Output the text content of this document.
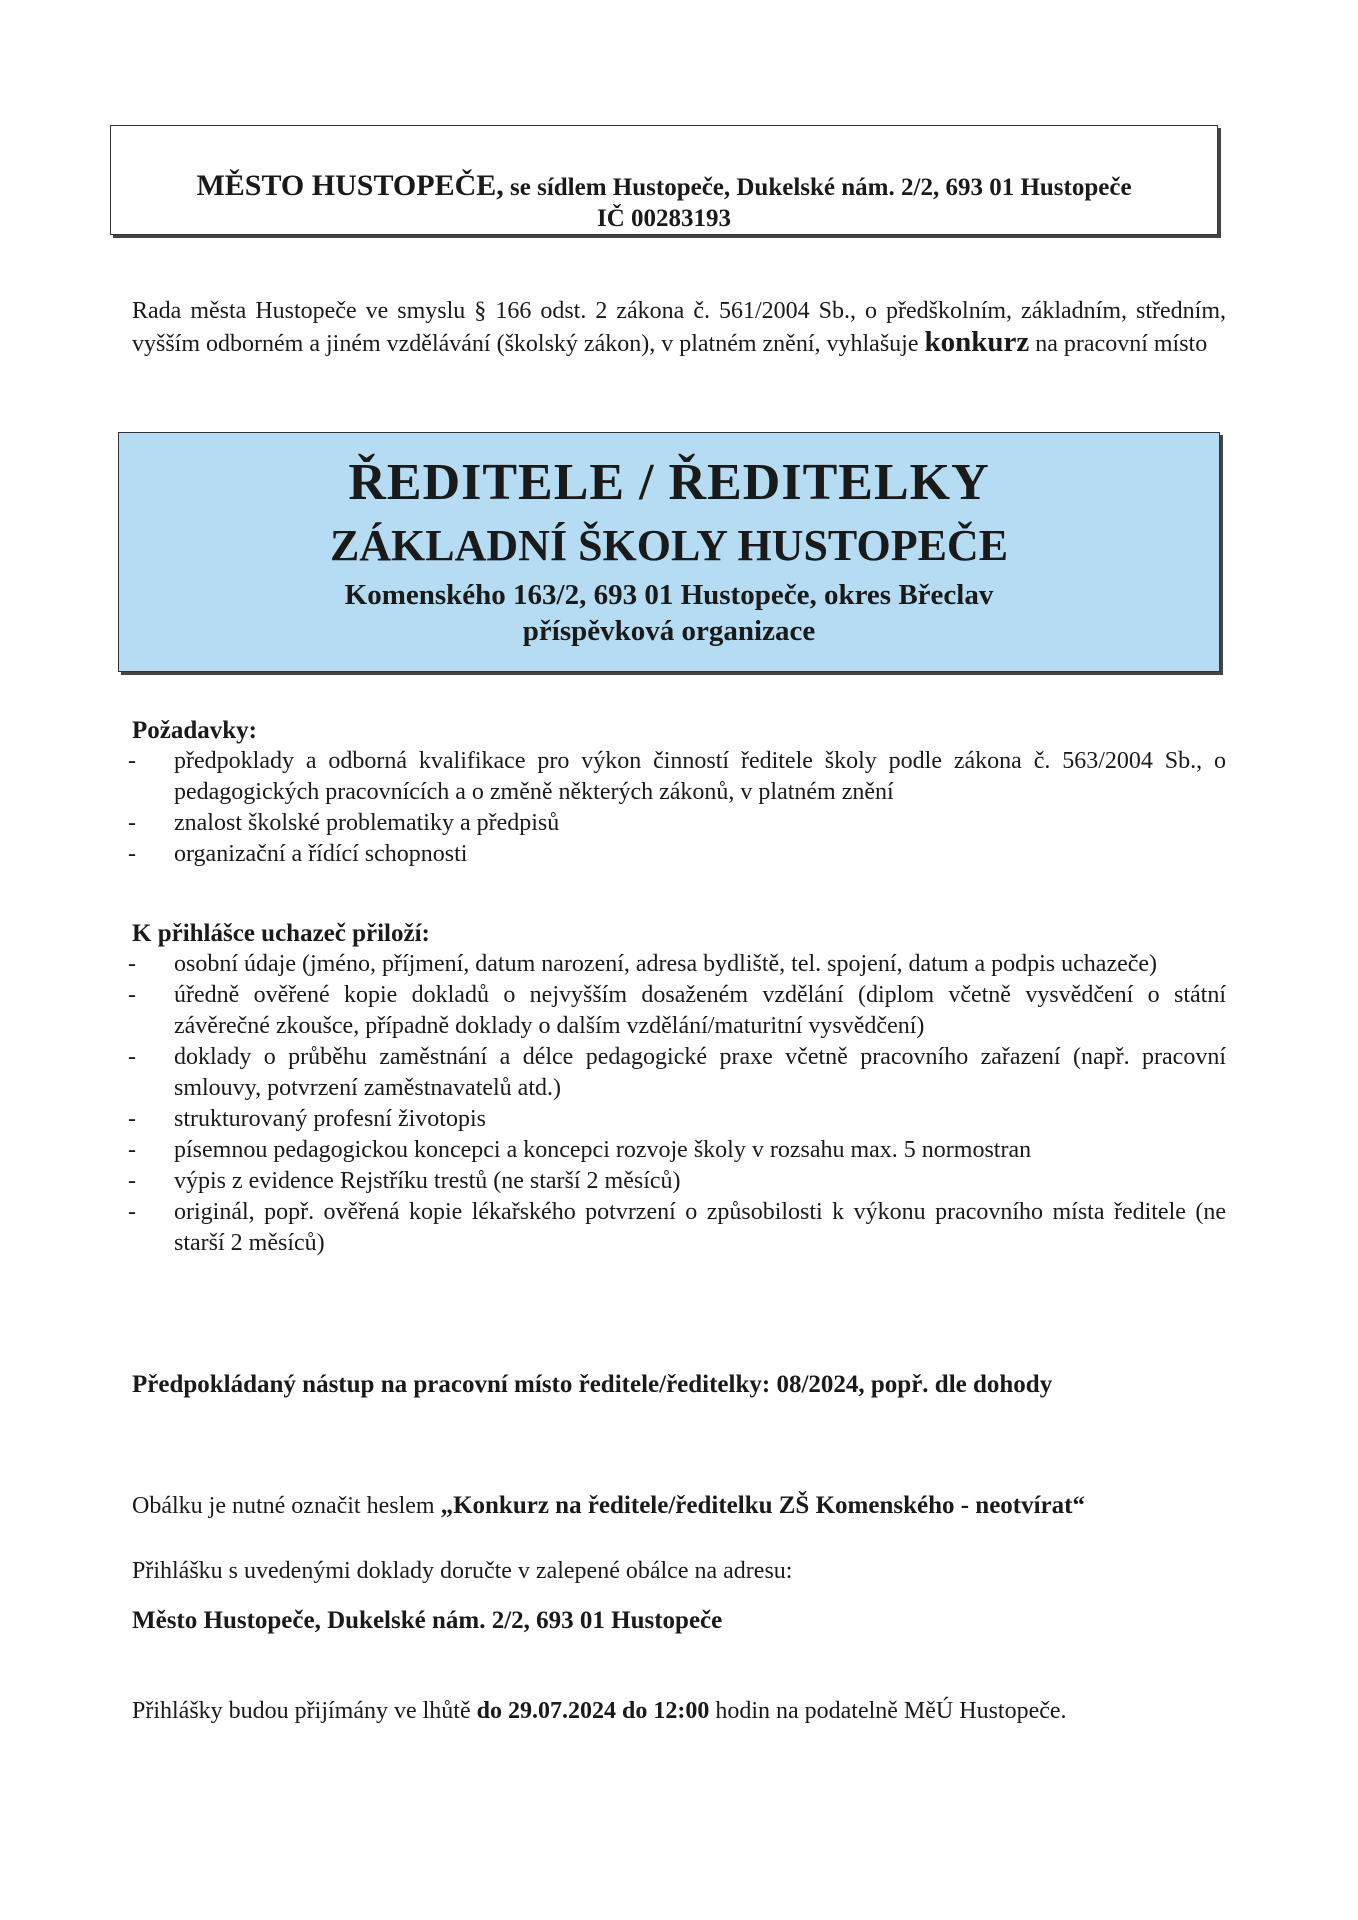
MĚSTO HUSTOPEČE, se sídlem Hustopeče, Dukelské nám. 2/2, 693 01 Hustopeče
IČ 00283193
Rada města Hustopeče ve smyslu § 166 odst. 2 zákona č. 561/2004 Sb., o předškolním, základním, středním, vyšším odborném a jiném vzdělávání (školský zákon), v platném znění, vyhlašuje konkurz na pracovní místo
ŘEDITELE / ŘEDITELKY
ZÁKLADNÍ ŠKOLY HUSTOPEČE
Komenského 163/2, 693 01 Hustopeče, okres Břeclav
příspěvková organizace
Požadavky:
- předpoklady a odborná kvalifikace pro výkon činností ředitele školy podle zákona č. 563/2004 Sb., o pedagogických pracovnících a o změně některých zákonů, v platném znění
- znalost školské problematiky a předpisů
- organizační a řídící schopnosti
K přihlášce uchazeč přiloží:
- osobní údaje (jméno, příjmení, datum narození, adresa bydliště, tel. spojení, datum a podpis uchazeče)
- úředně ověřené kopie dokladů o nejvyšším dosaženém vzdělání (diplom včetně vysvědčení o státní závěrečné zkoušce, případně doklady o dalším vzdělání/maturitní vysvědčení)
- doklady o průběhu zaměstnání a délce pedagogické praxe včetně pracovního zařazení (např. pracovní smlouvy, potvrzení zaměstnavatelů atd.)
- strukturovaný profesní životopis
- písemnou pedagogickou koncepci a koncepci rozvoje školy v rozsahu max. 5 normostran
- výpis z evidence Rejstříku trestů (ne starší 2 měsíců)
- originál, popř. ověřená kopie lékařského potvrzení o způsobilosti k výkonu pracovního místa ředitele (ne starší 2 měsíců)
Předpokládaný nástup na pracovní místo ředitele/ředitelky: 08/2024, popř. dle dohody
Obálku je nutné označit heslem „Konkurz na ředitele/ředitelku ZŠ Komenského - neotvírat“
Přihlášku s uvedenými doklady doručte v zalepené obálce na adresu:
Město Hustopeče, Dukelské nám. 2/2, 693 01 Hustopeče
Přihlášky budou přijímány ve lhůtě do 29.07.2024 do 12:00 hodin na podatelně MěÚ Hustopeče.
